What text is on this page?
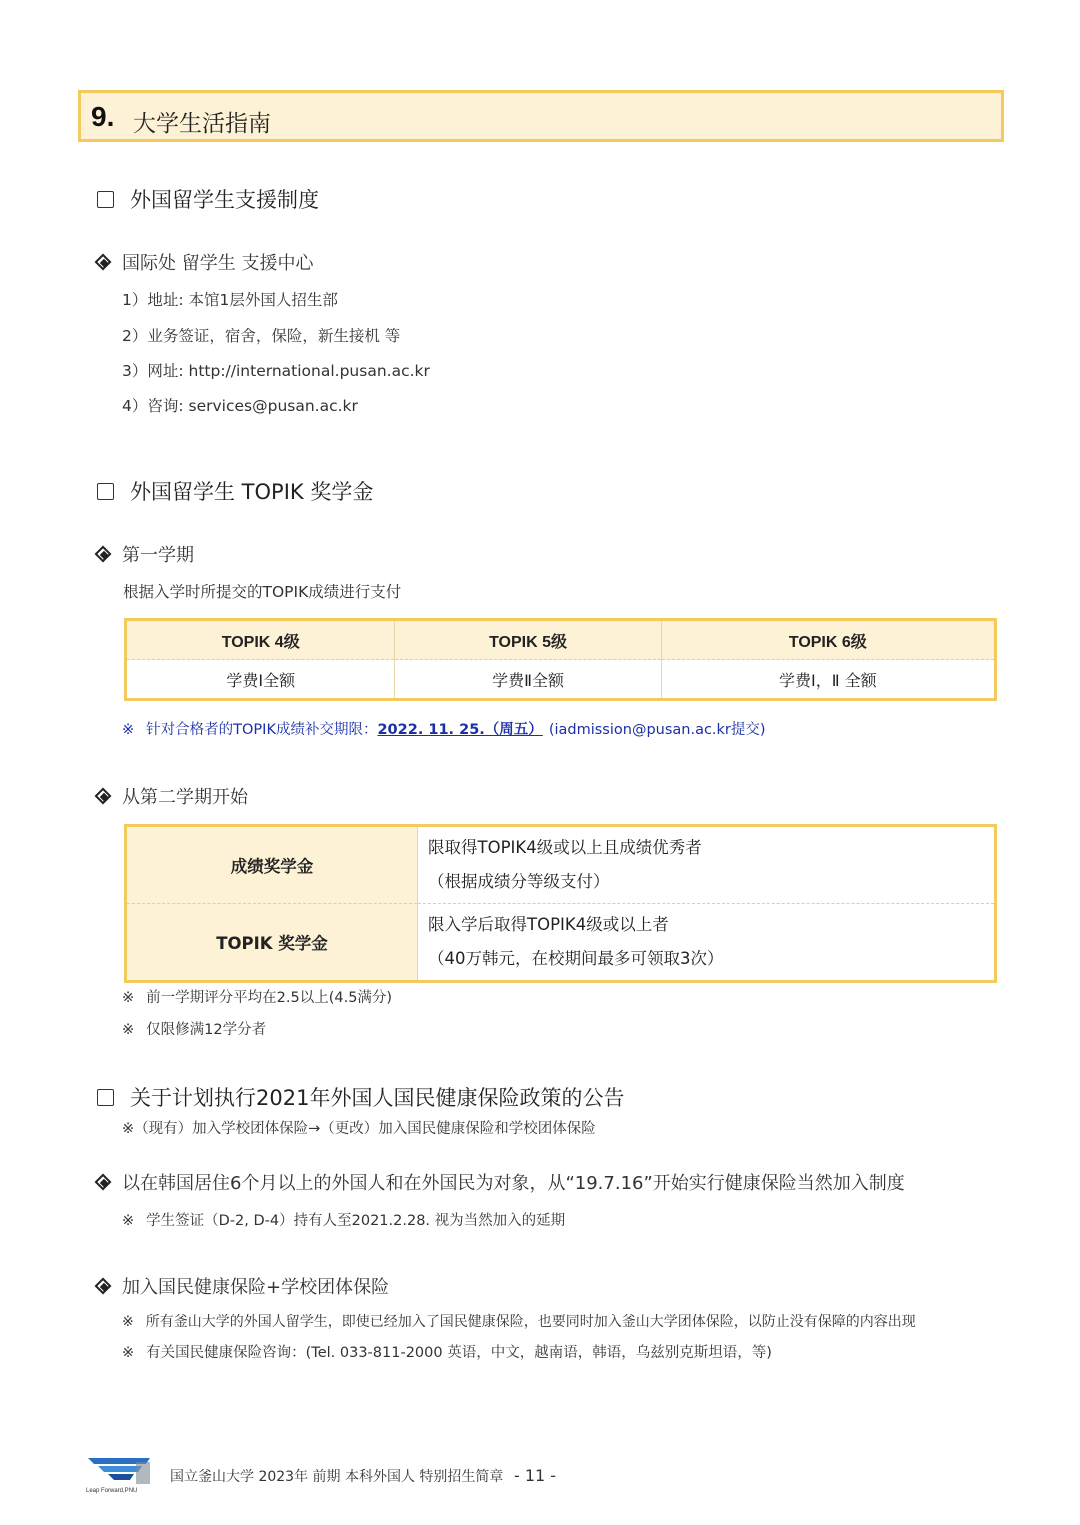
9. 大学生活指南
外国留学生支援制度
国际处 留学生 支援中心
1）地址: 本馆1层外国人招生部
2）业务签证，宿舍，保险，新生接机 等
3）网址: http://international.pusan.ac.kr
4）咨询: services@pusan.ac.kr
外国留学生 TOPIK 奖学金
第一学期
根据入学时所提交的TOPIK成绩进行支付
TOPIK 4级	TOPIK 5级	TOPIK 6级
学费Ⅰ全额	学费Ⅱ全额	学费Ⅰ，Ⅱ 全额
※ 针对合格者的TOPIK成绩补交期限：2022. 11. 25.（周五） (iadmission@pusan.ac.kr提交)
从第二学期开始
成绩奖学金	限取得TOPIK4级或以上且成绩优秀者
（根据成绩分等级支付）

TOPIK 奖学金	限入学后取得TOPIK4级或以上者
（40万韩元，在校期间最多可领取3次）
※ 前一学期评分平均在2.5以上(4.5满分)
※ 仅限修满12学分者
关于计划执行2021年外国人国民健康保险政策的公告
※（现有）加入学校团体保险→（更改）加入国民健康保险和学校团体保险
以在韩国居住6个月以上的外国人和在外国民为对象，从“19.7.16”开始实行健康保险当然加入制度
※ 学生签证（D-2, D-4）持有人至2021.2.28. 视为当然加入的延期
加入国民健康保险+学校团体保险
※ 所有釜山大学的外国人留学生，即使已经加入了国民健康保险，也要同时加入釜山大学团体保险，以防止没有保障的内容出现
※ 有关国民健康保险咨询：(Tel. 033-811-2000 英语，中文，越南语，韩语，乌兹别克斯坦语，等)
Leap Forward,PNU
国立釜山大学 2023年 前期 本科外国人 特别招生简章 - 11 -
